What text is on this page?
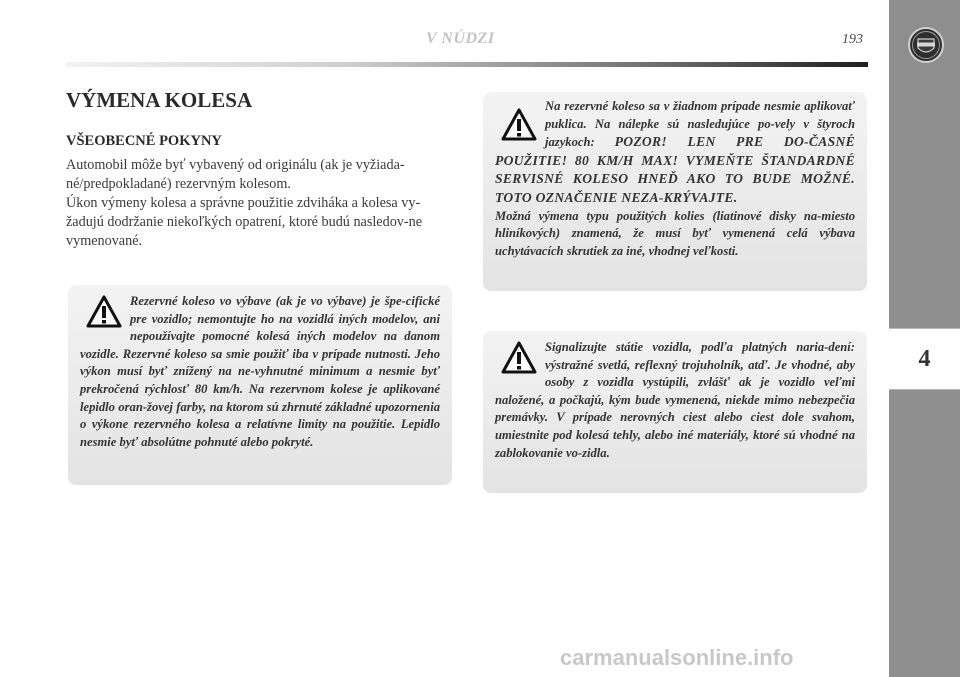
V NÚDZI	193
4
VÝMENA KOLESA
VŠEOBECNÉ POKYNY

Automobil môže byť vybavený od originálu (ak je vyžiada-né/predpokladané) rezervným kolesom.

Úkon výmeny kolesa a správne použitie zdviháka a kolesa vy-žadujú dodržanie niekoľkých opatrení, ktoré budú nasledov-ne vymenované.

Rezervné koleso vo výbave (ak je vo výbave) je špe-cifické pre vozidlo; nemontujte ho na vozidlá iných modelov, ani nepoužívajte pomocné kolesá iných modelov na danom vozidle. Rezervné koleso sa smie použiť iba v prípade nutnosti. Jeho výkon musí byť znížený na ne-vyhnutné minimum a nesmie byť prekročená rýchlosť 80 km/h. Na rezervnom kolese je aplikované lepidlo oran-žovej farby, na ktorom sú zhrnuté základné upozornenia o výkone rezervného kolesa a relatívne limity na použitie. Lepidlo nesmie byť absolútne pohnuté alebo pokryté.
Na rezervné koleso sa v žiadnom prípade nesmie aplikovať puklica. Na nálepke sú nasledujúce po-vely v štyroch jazykoch: POZOR! LEN PRE DO-ČASNÉ POUŽITIE! 80 KM/H MAX! VYMEŇTE ŠTANDARDNÉ SERVISNÉ KOLESO HNEĎ AKO TO BUDE MOŽNÉ. TOTO OZNAČENIE NEZA-KRÝVAJTE.
Možná výmena typu použitých kolies (liatinové disky na-miesto hliníkových) znamená, že musí byť vymenená celá výbava uchytávacích skrutiek za iné, vhodnej veľkosti.
Signalizujte státie vozidla, podľa platných naria-dení: výstražné svetlá, reflexný trojuholník, atď. Je vhodné, aby osoby z vozidla vystúpili, zvlášť ak je vozidlo veľmi naložené, a počkajú, kým bude vymenená, niekde mimo nebezpečia premávky. V prípade nerovných ciest alebo ciest dole svahom, umiestnite pod kolesá tehly, alebo iné materiály, ktoré sú vhodné na zablokovanie vo-zidla.
carmanualsonline.info
